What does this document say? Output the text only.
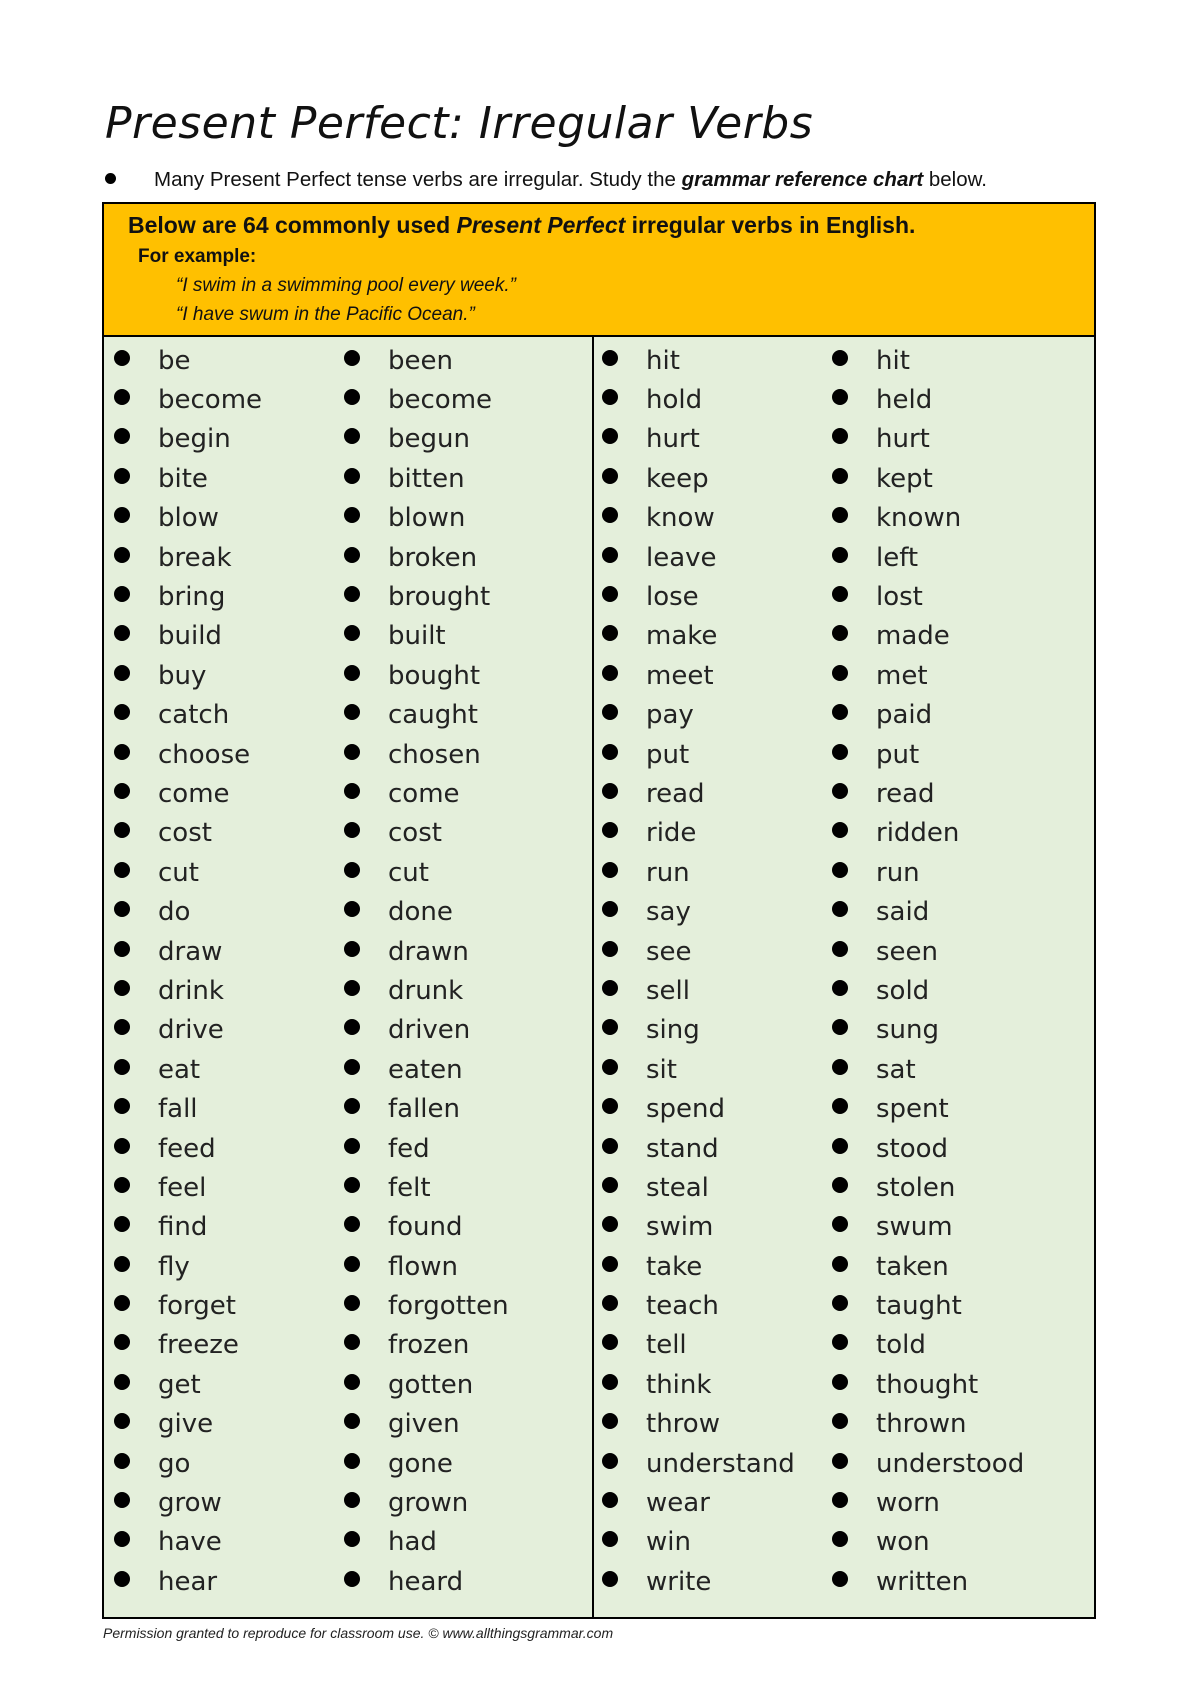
Present Perfect: Irregular Verbs
Many Present Perfect tense verbs are irregular. Study the grammar reference chart below.
Below are 64 commonly used Present Perfect irregular verbs in English.
For example:
“I swim in a swimming pool every week.”
“I have swum in the Pacific Ocean.”
be
become
begin
bite
blow
break
bring
build
buy
catch
choose
come
cost
cut
do
draw
drink
drive
eat
fall
feed
feel
find
fly
forget
freeze
get
give
go
grow
have
hear
been
become
begun
bitten
blown
broken
brought
built
bought
caught
chosen
come
cost
cut
done
drawn
drunk
driven
eaten
fallen
fed
felt
found
flown
forgotten
frozen
gotten
given
gone
grown
had
heard
hit
hold
hurt
keep
know
leave
lose
make
meet
pay
put
read
ride
run
say
see
sell
sing
sit
spend
stand
steal
swim
take
teach
tell
think
throw
understand
wear
win
write
hit
held
hurt
kept
known
left
lost
made
met
paid
put
read
ridden
run
said
seen
sold
sung
sat
spent
stood
stolen
swum
taken
taught
told
thought
thrown
understood
worn
won
written
Permission granted to reproduce for classroom use. © www.allthingsgrammar.com
